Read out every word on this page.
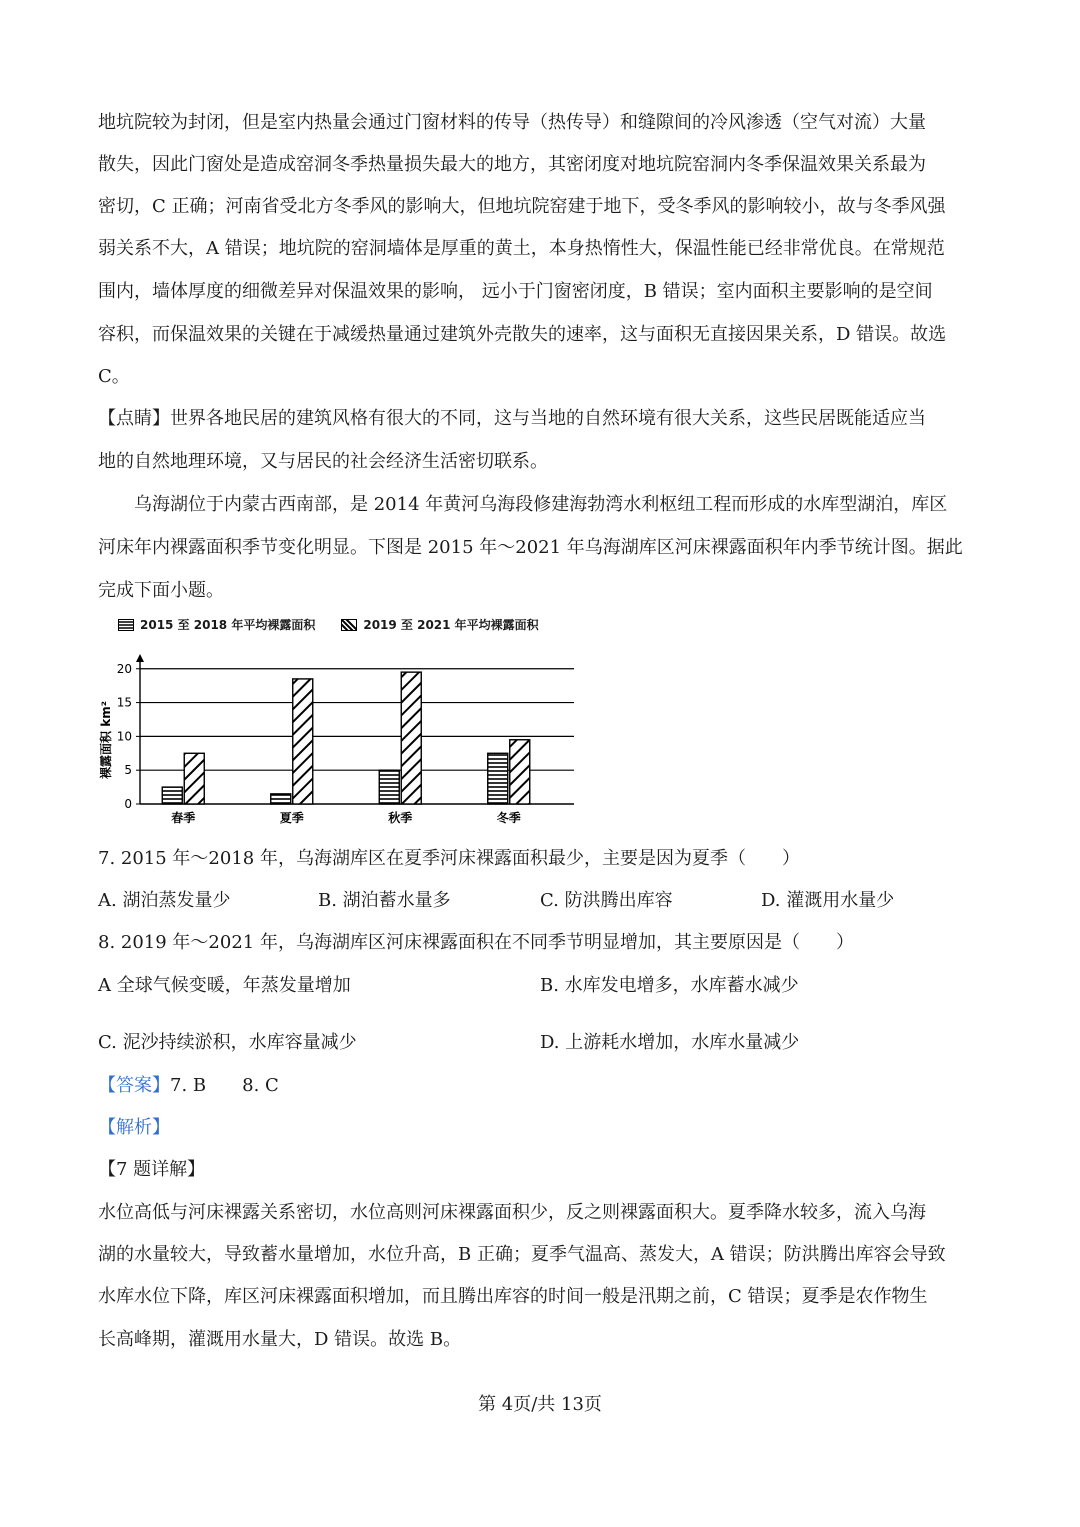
地坑院较为封闭，但是室内热量会通过门窗材料的传导（热传导）和缝隙间的冷风渗透（空气对流）大量
散失，因此门窗处是造成窑洞冬季热量损失最大的地方，其密闭度对地坑院窑洞内冬季保温效果关系最为
密切，C 正确；河南省受北方冬季风的影响大，但地坑院窑建于地下，受冬季风的影响较小，故与冬季风强
弱关系不大，A 错误；地坑院的窑洞墙体是厚重的黄土，本身热惰性大，保温性能已经非常优良。在常规范
围内，墙体厚度的细微差异对保温效果的影响， 远小于门窗密闭度，B 错误；室内面积主要影响的是空间
容积，而保温效果的关键在于减缓热量通过建筑外壳散失的速率，这与面积无直接因果关系，D 错误。故选
C。
【点睛】世界各地民居的建筑风格有很大的不同，这与当地的自然环境有很大关系，这些民居既能适应当
地的自然地理环境，又与居民的社会经济生活密切联系。
　　乌海湖位于内蒙古西南部，是 2014 年黄河乌海段修建海勃湾水利枢纽工程而形成的水库型湖泊，库区
河床年内裸露面积季节变化明显。下图是 2015 年～2021 年乌海湖库区河床裸露面积年内季节统计图。据此
完成下面小题。
2015 至 2018 年平均裸露面积	2019 至 2021 年平均裸露面积
裸露面积 km²
0
5
10
15
20
春季	夏季	秋季	冬季
7. 2015 年～2018 年，乌海湖库区在夏季河床裸露面积最少，主要是因为夏季（　　）
A. 湖泊蒸发量少	B. 湖泊蓄水量多	C. 防洪腾出库容	D. 灌溉用水量少
8. 2019 年～2021 年，乌海湖库区河床裸露面积在不同季节明显增加，其主要原因是（　　）
A 全球气候变暖，年蒸发量增加	B. 水库发电增多，水库蓄水减少
C. 泥沙持续淤积，水库容量减少	D. 上游耗水增加，水库水量减少
【答案】7. B　　8. C
【解析】
【7 题详解】
水位高低与河床裸露关系密切，水位高则河床裸露面积少，反之则裸露面积大。夏季降水较多，流入乌海
湖的水量较大，导致蓄水量增加，水位升高，B 正确；夏季气温高、蒸发大，A 错误；防洪腾出库容会导致
水库水位下降，库区河床裸露面积增加，而且腾出库容的时间一般是汛期之前，C 错误；夏季是农作物生
长高峰期，灌溉用水量大，D 错误。故选 B。
第 4页/共 13页
